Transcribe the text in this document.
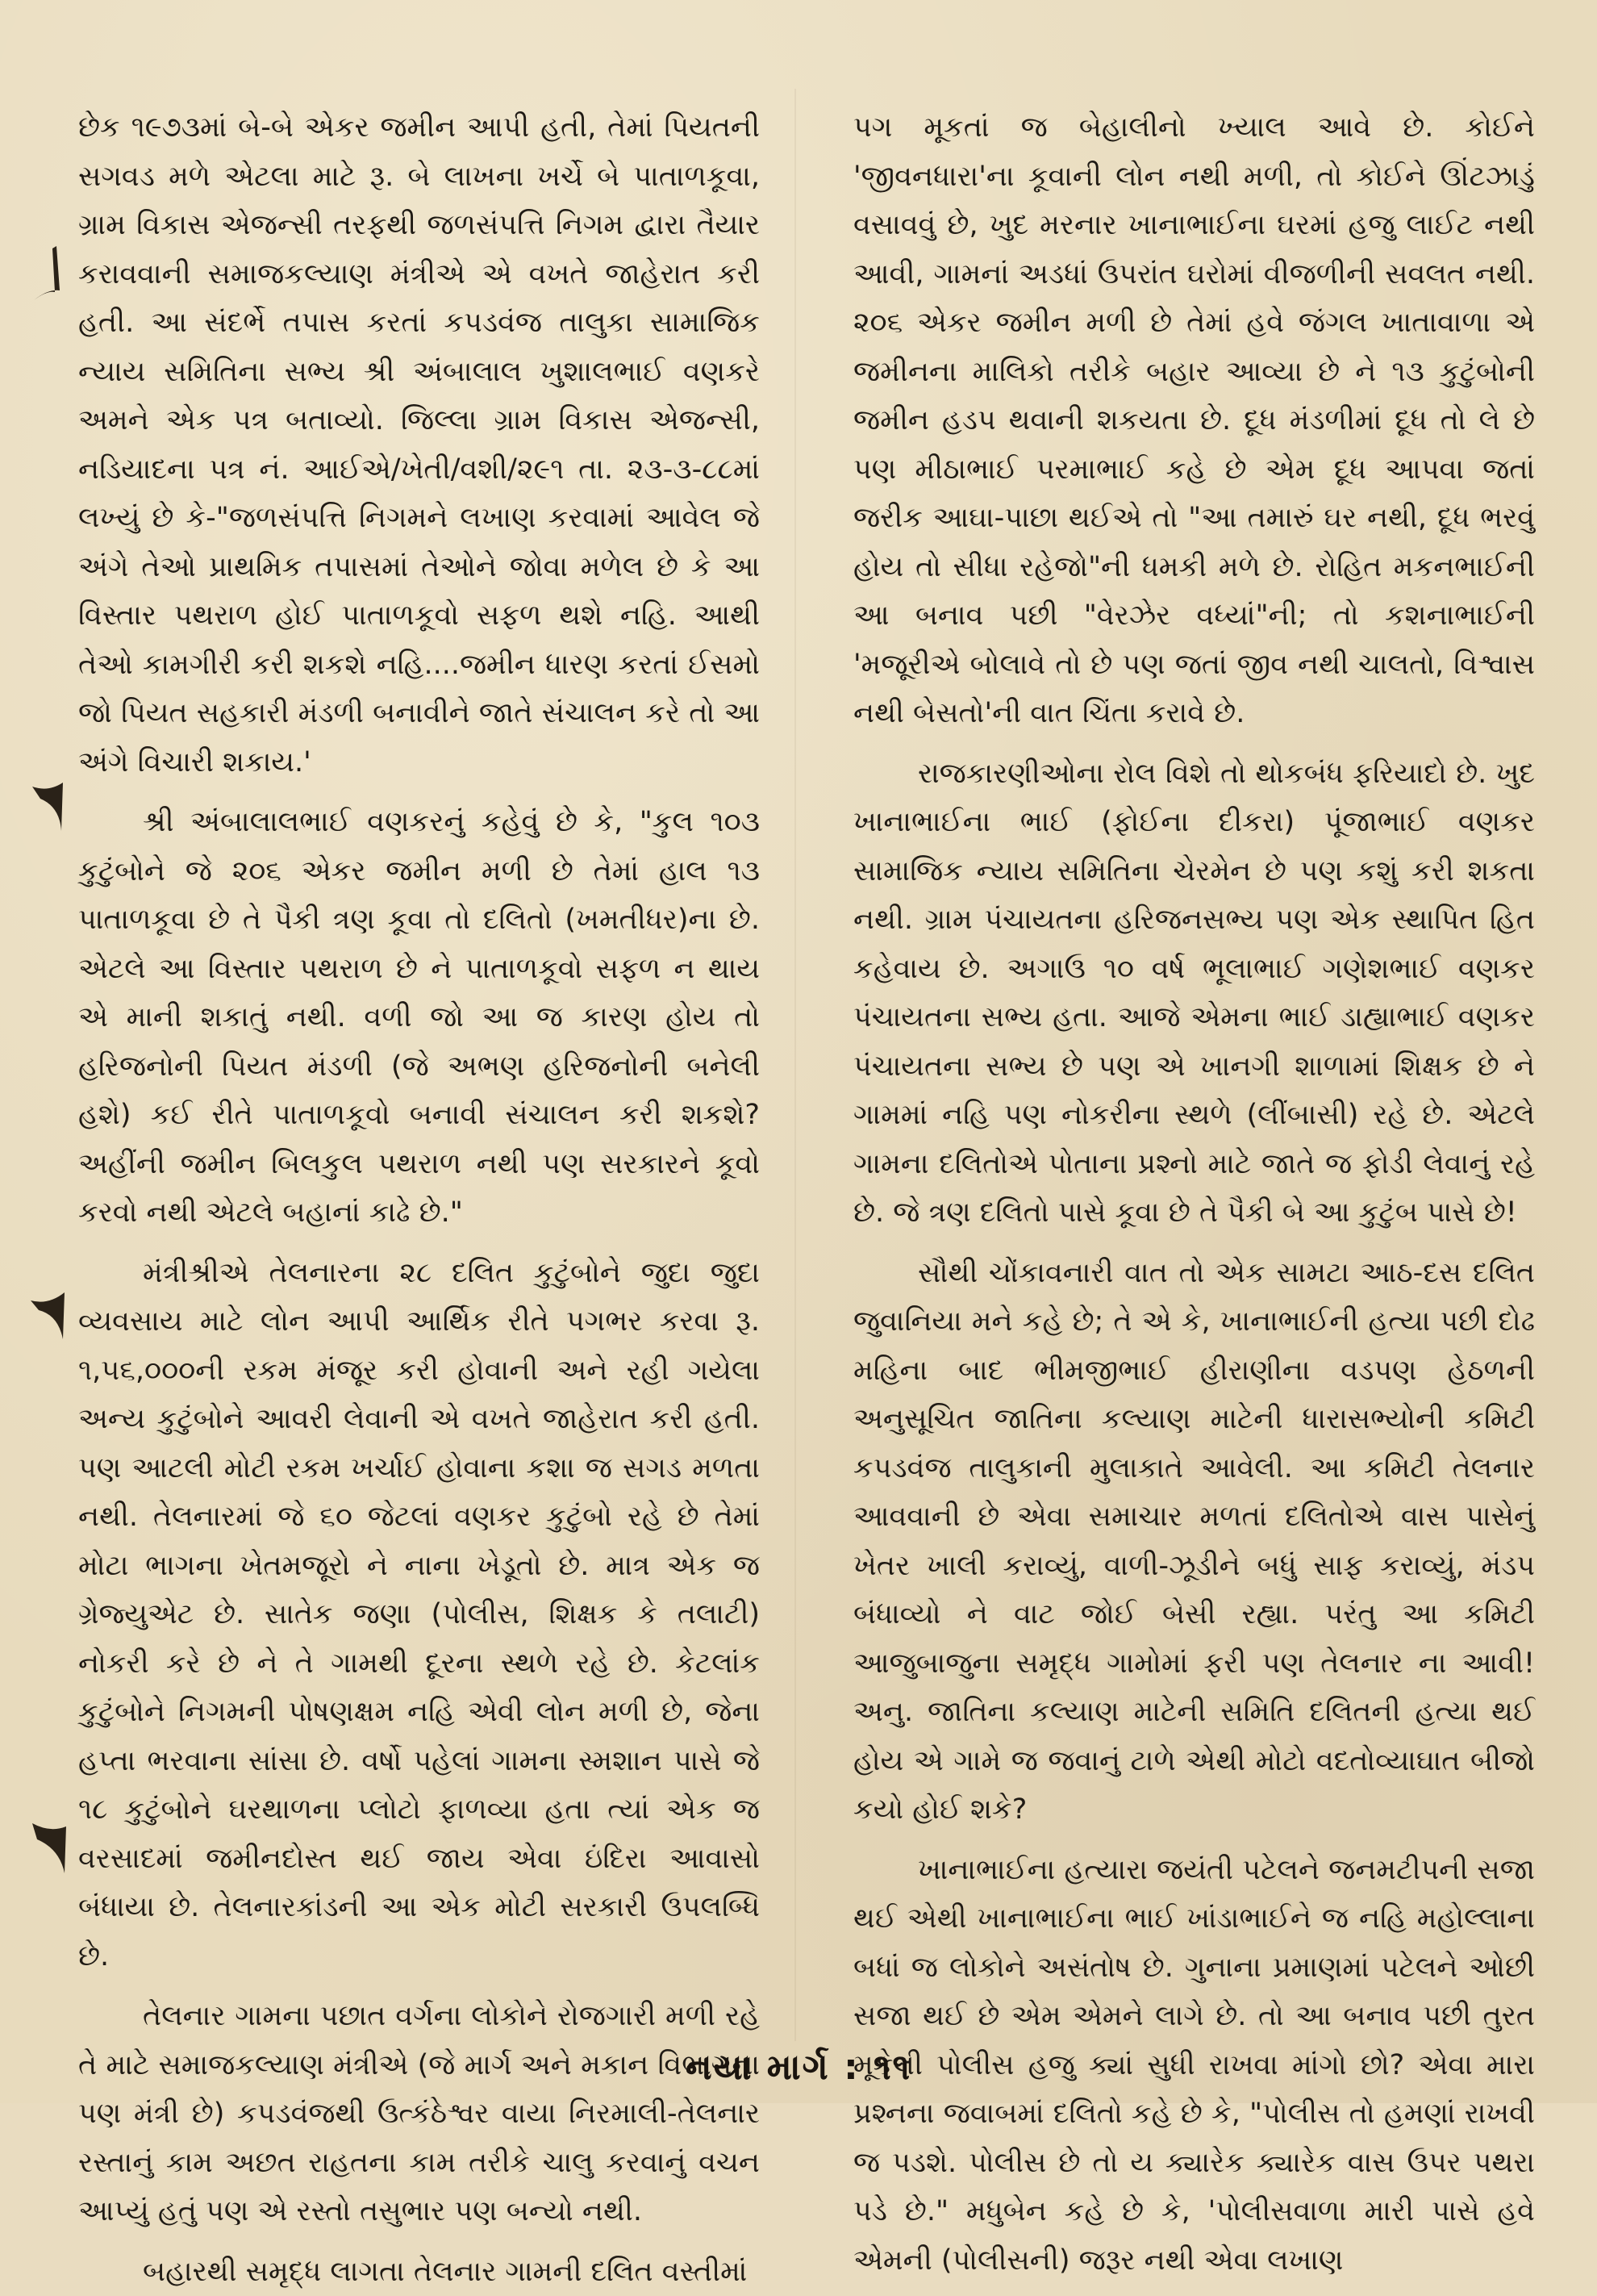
છેક ૧૯૭૩માં બે-બે એકર જમીન આપી હતી, તેમાં પિયતની સગવડ મળે એટલા માટે રૂ. બે લાખના ખર્ચે બે પાતાળકૂવા, ગ્રામ વિકાસ એજન્સી તરફથી જળસંપત્તિ નિગમ દ્વારા તૈયાર કરાવવાની સમાજકલ્યાણ મંત્રીએ એ વખતે જાહેરાત કરી હતી. આ સંદર્ભે તપાસ કરતાં કપડવંજ તાલુકા સામાજિક ન્યાય સમિતિના સભ્ય શ્રી અંબાલાલ ખુશાલભાઈ વણકરે અમને એક પત્ર બતાવ્યો. જિલ્લા ગ્રામ વિકાસ એજન્સી, નડિયાદના પત્ર નં. આઈએ/ખેતી/વશી/૨૯૧ તા. ૨૩-૩-૮૮માં લખ્યું છે કે-"જળસંપત્તિ નિગમને લખાણ કરવામાં આવેલ જે અંગે તેઓ પ્રાથમિક તપાસમાં તેઓને જોવા મળેલ છે કે આ વિસ્તાર પથરાળ હોઈ પાતાળકૂવો સફળ થશે નહિ. આથી તેઓ કામગીરી કરી શકશે નહિ....જમીન ધારણ કરતાં ઈસમો જો પિયત સહકારી મંડળી બનાવીને જાતે સંચાલન કરે તો આ અંગે વિચારી શકાય.'

શ્રી અંબાલાલભાઈ વણકરનું કહેવું છે કે, "કુલ ૧૦૩ કુટુંબોને જે ૨૦૬ એકર જમીન મળી છે તેમાં હાલ ૧૩ પાતાળકૂવા છે તે પૈકી ત્રણ કૂવા તો દલિતો (ખમતીધર)ના છે. એટલે આ વિસ્તાર પથરાળ છે ને પાતાળકૂવો સફળ ન થાય એ માની શકાતું નથી. વળી જો આ જ કારણ હોય તો હરિજનોની પિયત મંડળી (જે અભણ હરિજનોની બનેલી હશે) કઈ રીતે પાતાળકૂવો બનાવી સંચાલન કરી શકશે? અહીંની જમીન બિલકુલ પથરાળ નથી પણ સરકારને કૂવો કરવો નથી એટલે બહાનાં કાઢે છે."

મંત્રીશ્રીએ તેલનારના ૨૮ દલિત કુટુંબોને જુદા જુદા વ્યવસાય માટે લોન આપી આર્થિક રીતે પગભર કરવા રૂ. ૧,૫૬,૦૦૦ની રકમ મંજૂર કરી હોવાની અને રહી ગયેલા અન્ય કુટુંબોને આવરી લેવાની એ વખતે જાહેરાત કરી હતી. પણ આટલી મોટી રકમ ખર્ચાઈ હોવાના કશા જ સગડ મળતા નથી. તેલનારમાં જે ૬૦ જેટલાં વણકર કુટુંબો રહે છે તેમાં મોટા ભાગના ખેતમજૂરો ને નાના ખેડૂતો છે. માત્ર એક જ ગ્રેજ્યુએટ છે. સાતેક જણા (પોલીસ, શિક્ષક કે તલાટી) નોકરી કરે છે ને તે ગામથી દૂરના સ્થળે રહે છે. કેટલાંક કુટુંબોને નિગમની પોષણક્ષમ નહિ એવી લોન મળી છે, જેના હપ્તા ભરવાના સાંસા છે. વર્ષો પહેલાં ગામના સ્મશાન પાસે જે ૧૮ કુટુંબોને ઘરથાળના પ્લોટો ફાળવ્યા હતા ત્યાં એક જ વરસાદમાં જમીનદોસ્ત થઈ જાય એવા ઇંદિરા આવાસો બંધાયા છે. તેલનારકાંડની આ એક મોટી સરકારી ઉપલબ્ધિ છે.

તેલનાર ગામના પછાત વર્ગના લોકોને રોજગારી મળી રહે તે માટે સમાજકલ્યાણ મંત્રીએ (જે માર્ગ અને મકાન વિભાગના પણ મંત્રી છે) કપડવંજથી ઉત્કંઠેશ્વર વાયા નિરમાલી-તેલનાર રસ્તાનું કામ અછત રાહતના કામ તરીકે ચાલુ કરવાનું વચન આપ્યું હતું પણ એ રસ્તો તસુભાર પણ બન્યો નથી.

બહારથી સમૃદ્ધ લાગતા તેલનાર ગામની દલિત વસ્તીમાં

પગ મૂકતાં જ બેહાલીનો ખ્યાલ આવે છે. કોઈને 'જીવનધારા'ના કૂવાની લોન નથી મળી, તો કોઈને ઊંટઝાડું વસાવવું છે, ખુદ મરનાર ખાનાભાઈના ઘરમાં હજુ લાઈટ નથી આવી, ગામનાં અડધાં ઉપરાંત ઘરોમાં વીજળીની સવલત નથી. ૨૦૬ એકર જમીન મળી છે તેમાં હવે જંગલ ખાતાવાળા એ જમીનના માલિકો તરીકે બહાર આવ્યા છે ને ૧૩ કુટુંબોની જમીન હડપ થવાની શકયતા છે. દૂધ મંડળીમાં દૂધ તો લે છે પણ મીઠાભાઈ પરમાભાઈ કહે છે એમ દૂધ આપવા જતાં જરીક આઘા-પાછા થઈએ તો "આ તમારું ઘર નથી, દૂધ ભરવું હોય તો સીધા રહેજો"ની ધમકી મળે છે. રોહિત મકનભાઈની આ બનાવ પછી "વેરઝેર વધ્યાં"ની; તો કશનાભાઈની 'મજૂરીએ બોલાવે તો છે પણ જતાં જીવ નથી ચાલતો, વિશ્વાસ નથી બેસતો'ની વાત ચિંતા કરાવે છે.

રાજકારણીઓના રોલ વિશે તો થોકબંધ ફરિયાદો છે. ખુદ ખાનાભાઈના ભાઈ (ફોઈના દીકરા) પૂંજાભાઈ વણકર સામાજિક ન્યાય સમિતિના ચેરમેન છે પણ કશું કરી શકતા નથી. ગ્રામ પંચાયતના હરિજનસભ્ય પણ એક સ્થાપિત હિત કહેવાય છે. અગાઉ ૧૦ વર્ષ ભૂલાભાઈ ગણેશભાઈ વણકર પંચાયતના સભ્ય હતા. આજે એમના ભાઈ ડાહ્યાભાઈ વણકર પંચાયતના સભ્ય છે પણ એ ખાનગી શાળામાં શિક્ષક છે ને ગામમાં નહિ પણ નોકરીના સ્થળે (લીંબાસી) રહે છે. એટલે ગામના દલિતોએ પોતાના પ્રશ્નો માટે જાતે જ ફોડી લેવાનું રહે છે. જે ત્રણ દલિતો પાસે કૂવા છે તે પૈકી બે આ કુટુંબ પાસે છે!

સૌથી ચોંકાવનારી વાત તો એક સામટા આઠ-દસ દલિત જુવાનિયા મને કહે છે; તે એ કે, ખાનાભાઈની હત્યા પછી દોઢ મહિના બાદ ભીમજીભાઈ હીરાણીના વડપણ હેઠળની અનુસૂચિત જાતિના કલ્યાણ માટેની ધારાસભ્યોની કમિટી કપડવંજ તાલુકાની મુલાકાતે આવેલી. આ કમિટી તેલનાર આવવાની છે એવા સમાચાર મળતાં દલિતોએ વાસ પાસેનું ખેતર ખાલી કરાવ્યું, વાળી-ઝૂડીને બધું સાફ કરાવ્યું, મંડપ બંધાવ્યો ને વાટ જોઈ બેસી રહ્યા. પરંતુ આ કમિટી આજુબાજુના સમૃદ્ધ ગામોમાં ફરી પણ તેલનાર ના આવી! અનુ. જાતિના કલ્યાણ માટેની સમિતિ દલિતની હત્યા થઈ હોય એ ગામે જ જવાનું ટાળે એથી મોટો વદતોવ્યાઘાત બીજો કયો હોઈ શકે?

ખાનાભાઈના હત્યારા જયંતી પટેલને જનમટીપની સજા થઈ એથી ખાનાભાઈના ભાઈ ખાંડાભાઈને જ નહિ મહોલ્લાના બધાં જ લોકોને અસંતોષ છે. ગુનાના પ્રમાણમાં પટેલને ઓછી સજા થઈ છે એમ એમને લાગે છે. તો આ બનાવ પછી તુરત મૂકેલી પોલીસ હજુ ક્યાં સુધી રાખવા માંગો છો? એવા મારા પ્રશ્નના જવાબમાં દલિતો કહે છે કે, "પોલીસ તો હમણાં રાખવી જ પડશે. પોલીસ છે તો ય ક્યારેક ક્યારેક વાસ ઉપર પથરા પડે છે." મધુબેન કહે છે કે, 'પોલીસવાળા મારી પાસે હવે એમની (પોલીસની) જરૂર નથી એવા લખાણ

નયા માર્ગ : ૧૧
